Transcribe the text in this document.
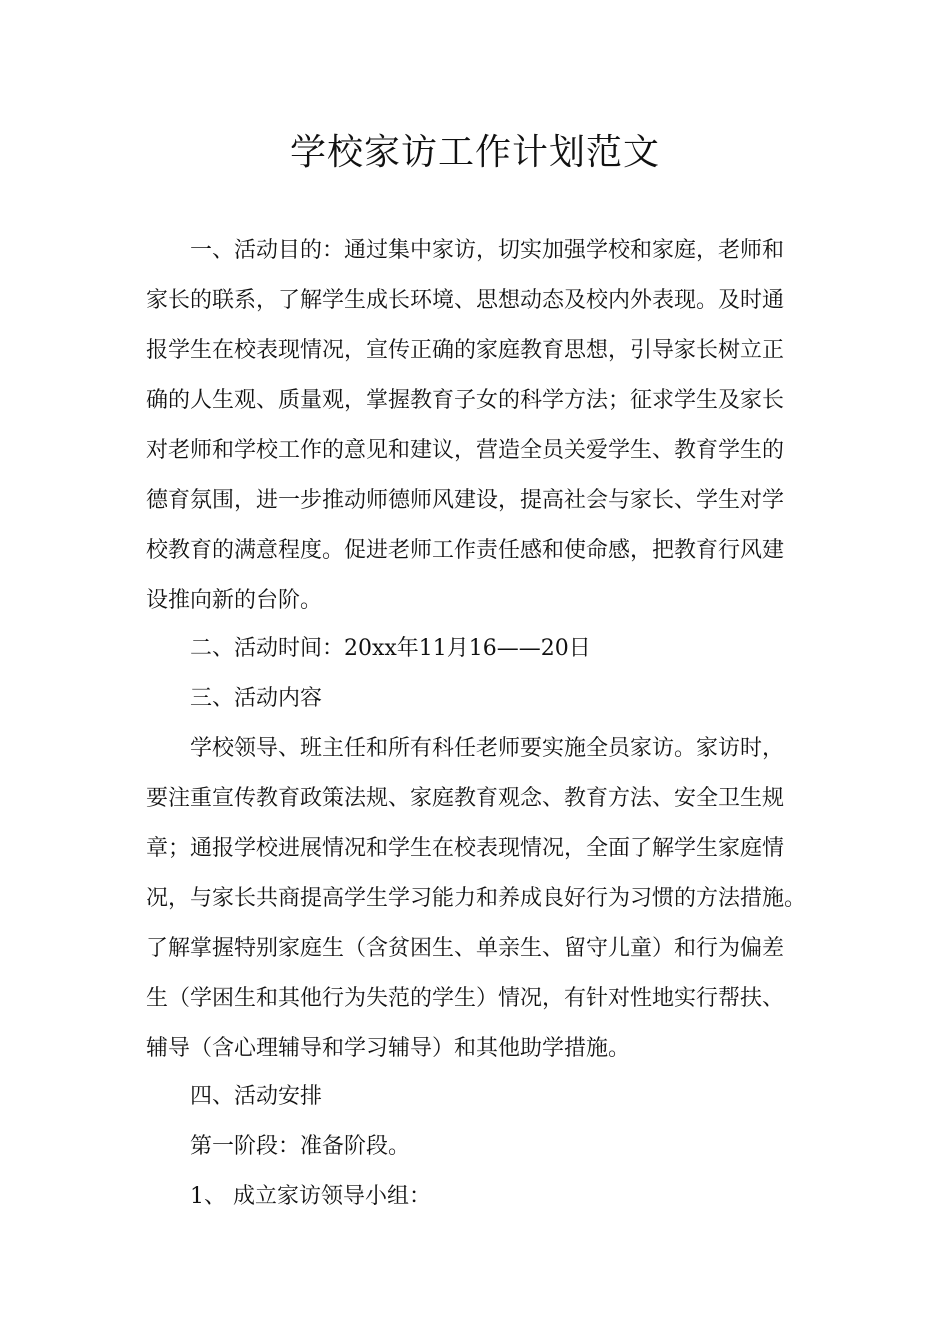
学校家访工作计划范文

一、活动目的：通过集中家访，切实加强学校和家庭，老师和

家长的联系，了解学生成长环境、思想动态及校内外表现。及时通

报学生在校表现情况，宣传正确的家庭教育思想，引导家长树立正

确的人生观、质量观，掌握教育子女的科学方法；征求学生及家长

对老师和学校工作的意见和建议，营造全员关爱学生、教育学生的

德育氛围，进一步推动师德师风建设，提高社会与家长、学生对学

校教育的满意程度。促进老师工作责任感和使命感，把教育行风建

设推向新的台阶。

二、活动时间：20xx年11月16——20日

三、活动内容

学校领导、班主任和所有科任老师要实施全员家访。家访时，

要注重宣传教育政策法规、家庭教育观念、教育方法、安全卫生规

章；通报学校进展情况和学生在校表现情况，全面了解学生家庭情

况，与家长共商提高学生学习能力和养成良好行为习惯的方法措施。

了解掌握特别家庭生（含贫困生、单亲生、留守儿童）和行为偏差

生（学困生和其他行为失范的学生）情况，有针对性地实行帮扶、

辅导（含心理辅导和学习辅导）和其他助学措施。

四、活动安排

第一阶段：准备阶段。

1、 成立家访领导小组：
